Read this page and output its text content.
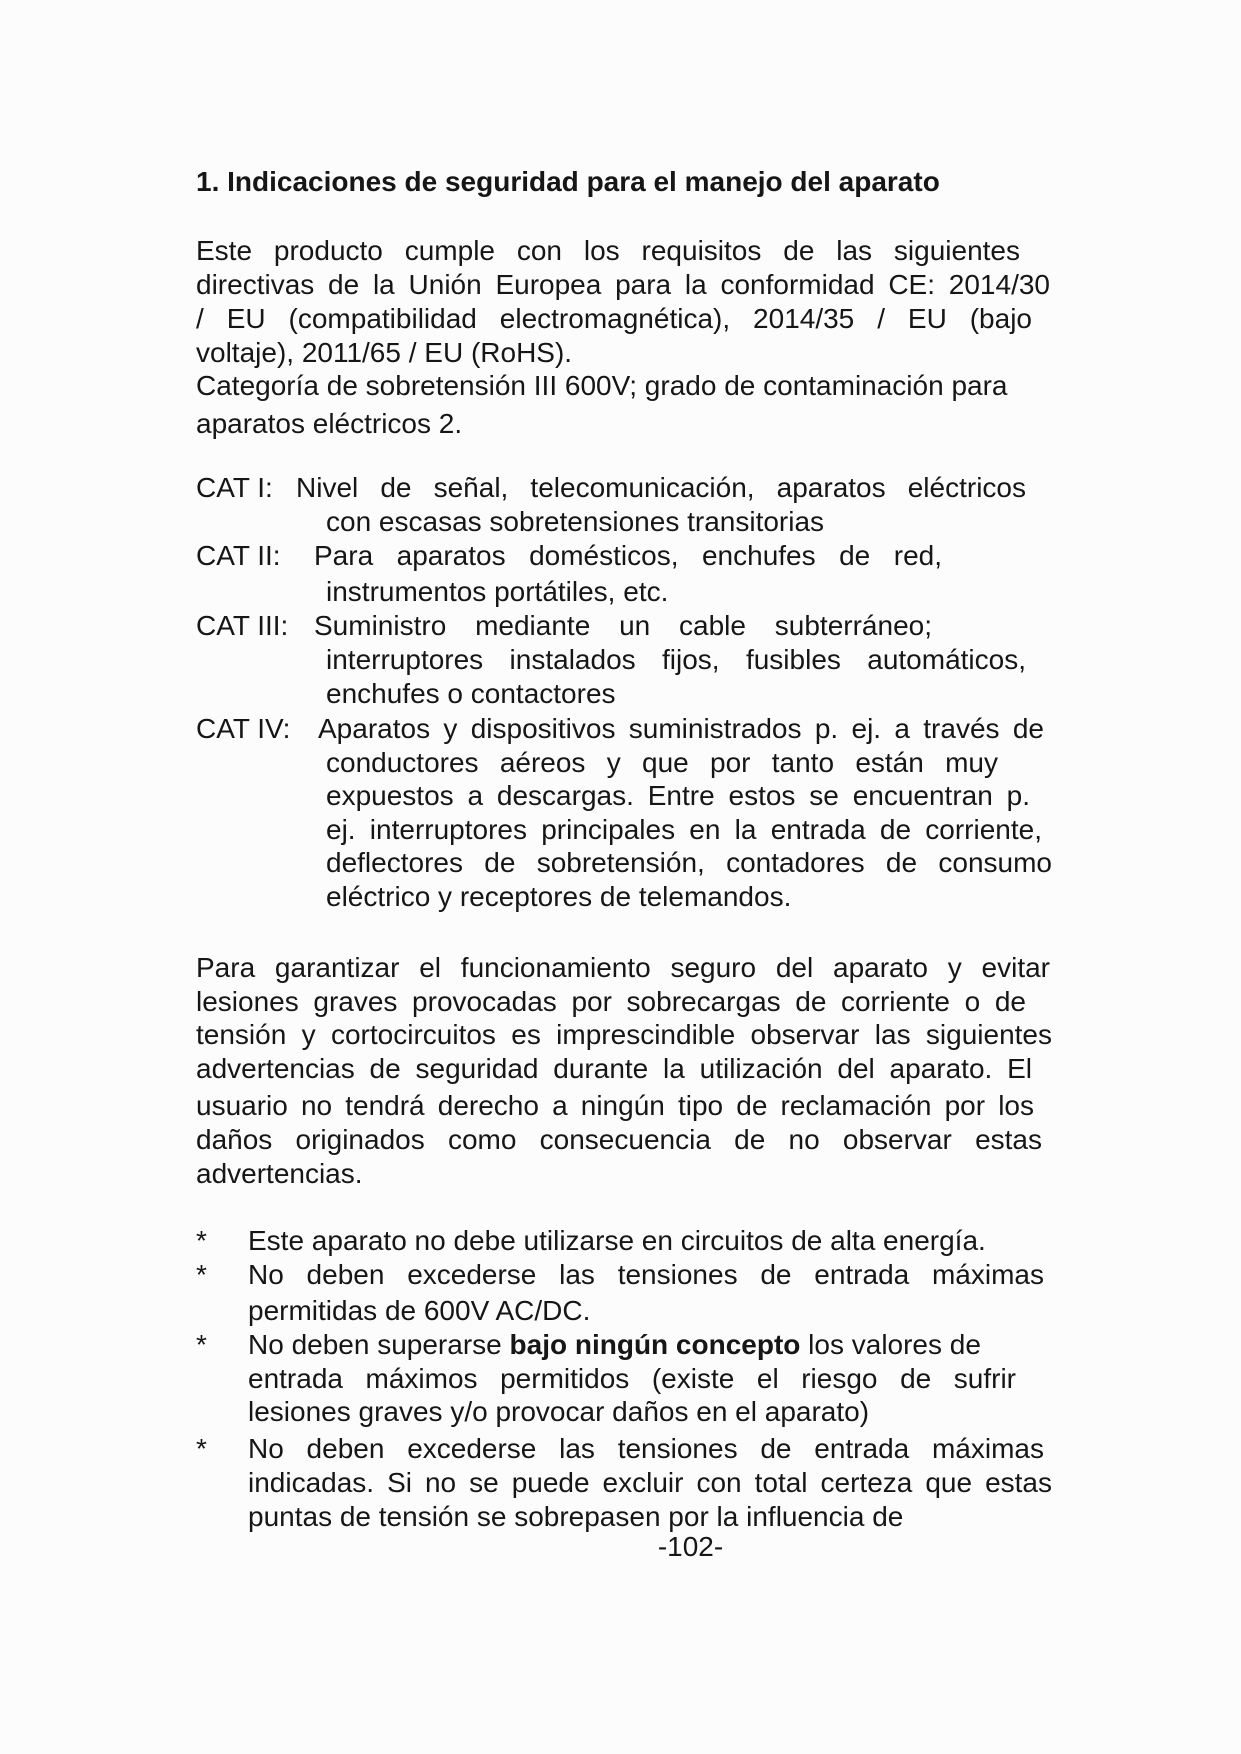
1. Indicaciones de seguridad para el manejo del aparato
Este producto cumple con los requisitos de las siguientes
directivas de la Unión Europea para la conformidad CE: 2014/30
/ EU (compatibilidad electromagnética), 2014/35 / EU (bajo
voltaje), 2011/65 / EU (RoHS).
Categoría de sobretensión III 600V; grado de contaminación para
aparatos eléctricos 2.
CAT I: Nivel de señal, telecomunicación, aparatos eléctricos
con escasas sobretensiones transitorias
CAT II: Para aparatos domésticos, enchufes de red,
instrumentos portátiles, etc.
CAT III: Suministro mediante un cable subterráneo;
interruptores instalados fijos, fusibles automáticos,
enchufes o contactores
CAT IV: Aparatos y dispositivos suministrados p. ej. a través de
conductores aéreos y que por tanto están muy
expuestos a descargas. Entre estos se encuentran p.
ej. interruptores principales en la entrada de corriente,
deflectores de sobretensión, contadores de consumo
eléctrico y receptores de telemandos.
Para garantizar el funcionamiento seguro del aparato y evitar
lesiones graves provocadas por sobrecargas de corriente o de
tensión y cortocircuitos es imprescindible observar las siguientes
advertencias de seguridad durante la utilización del aparato. El
usuario no tendrá derecho a ningún tipo de reclamación por los
daños originados como consecuencia de no observar estas
advertencias.
* Este aparato no debe utilizarse en circuitos de alta energía.
* No deben excederse las tensiones de entrada máximas
permitidas de 600V AC/DC.
* No deben superarse bajo ningún concepto los valores de
entrada máximos permitidos (existe el riesgo de sufrir
lesiones graves y/o provocar daños en el aparato)
* No deben excederse las tensiones de entrada máximas
indicadas. Si no se puede excluir con total certeza que estas
puntas de tensión se sobrepasen por la influencia de
-102-
